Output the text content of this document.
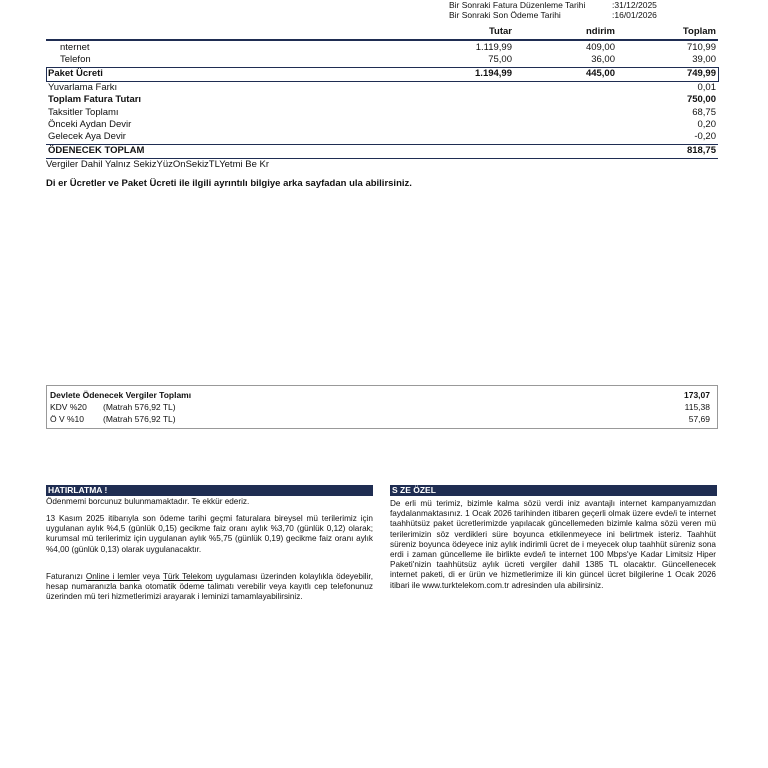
Bir Sonraki Fatura Düzenleme Tarihi	:31/12/2025
Bir Sonraki Son Ödeme Tarihi	:16/01/2026
Tutar	ndirim	Toplam
nternet	1.119,99	409,00	710,99
Telefon	75,00	36,00	39,00
Paket Ücreti	1.194,99	445,00	749,99
Yuvarlama Farkı	0,01
Toplam Fatura Tutarı	750,00
Taksitler Toplamı	68,75
Önceki Aydan Devir	0,20
Gelecek Aya Devir	-0,20
ÖDENECEK TOPLAM	818,75
Vergiler Dahil Yalnız SekizYüzOnSekizTLYetmi Be Kr
Di er Ücretler ve Paket Ücreti ile ilgili ayrıntılı bilgiye arka sayfadan ula abilirsiniz.
Devlete Ödenecek Vergiler Toplamı	173,07
KDV %20 (Matrah 576,92 TL)	115,38
Ö V %10 (Matrah 576,92 TL)	57,69
HATIRLATMA !
Ödenmemi borcunuz bulunmamaktadır. Te ekkür ederiz.
13 Kasım 2025 itibarıyla son ödeme tarihi geçmi faturalara bireysel mü terilerimiz için uygulanan aylık %4,5 (günlük 0,15) gecikme faiz oranı aylık %3,70 (günlük 0,12) olarak; kurumsal mü terilerimiz için uygulanan aylık %5,75 (günlük 0,19) gecikme faiz oranı aylık %4,00 (günlük 0,13) olarak uygulanacaktır.
Faturanızı Online i lemler veya Türk Telekom uygulaması üzerinden kolaylıkla ödeyebilir, hesap numaranızla banka otomatik ödeme talimatı verebilir veya kayıtlı cep telefonunuz üzerinden mü teri hizmetlerimizi arayarak i leminizi tamamlayabilirsiniz.
S ZE ÖZEL
De erli mü terimiz, bizimle kalma sözü verdi iniz avantajlı internet kampanyamızdan faydalanmaktasınız. 1 Ocak 2026 tarihinden itibaren geçerli olmak üzere evde/i te internet taahhütsüz paket ücretlerimizde yapılacak güncellemeden bizimle kalma sözü veren mü terilerimizin söz verdikleri süre boyunca etkilenmeyece ini belirtmek isteriz. Taahhüt süreniz boyunca ödeyece iniz aylık indirimli ücret de i meyecek olup taahhüt süreniz sona erdi i zaman güncelleme ile birlikte evde/i te internet 100 Mbps'ye Kadar Limitsiz Hiper Paketi'nizin taahhütsüz aylık ücreti vergiler dahil 1385 TL olacaktır. Güncellenecek internet paketi, di er ürün ve hizmetlerimize ili kin güncel ücret bilgilerine 1 Ocak 2026 itibari ile www.turktelekom.com.tr adresinden ula abilirsiniz.
